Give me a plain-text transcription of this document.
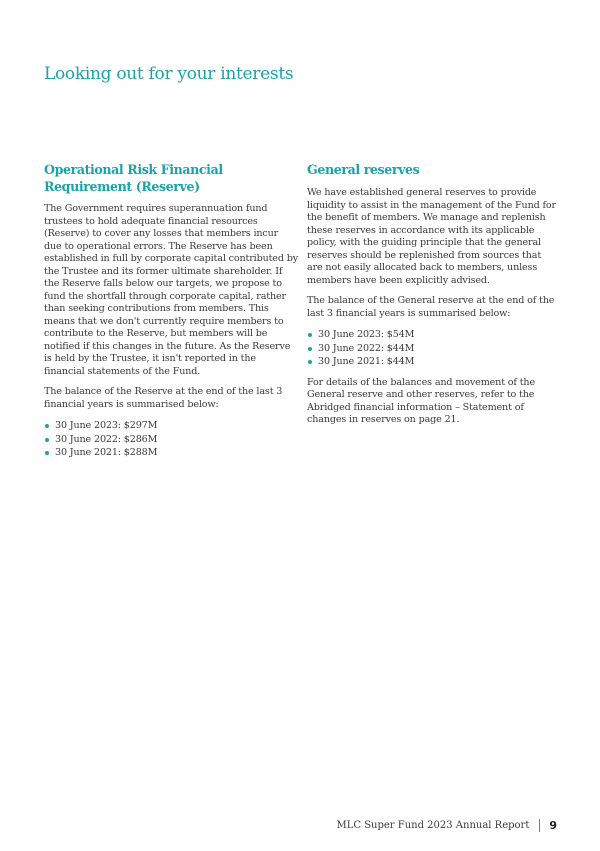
Looking out for your interests
Operational Risk Financial Requirement (Reserve)

The Government requires superannuation fund trustees to hold adequate financial resources (Reserve) to cover any losses that members incur due to operational errors. The Reserve has been established in full by corporate capital contributed by the Trustee and its former ultimate shareholder. If the Reserve falls below our targets, we propose to fund the shortfall through corporate capital, rather than seeking contributions from members. This means that we don't currently require members to contribute to the Reserve, but members will be notified if this changes in the future. As the Reserve is held by the Trustee, it isn't reported in the financial statements of the Fund.

The balance of the Reserve at the end of the last 3 financial years is summarised below:

30 June 2023: $297M
30 June 2022: $286M
30 June 2021: $288M
General reserves

We have established general reserves to provide liquidity to assist in the management of the Fund for the benefit of members. We manage and replenish these reserves in accordance with its applicable policy, with the guiding principle that the general reserves should be replenished from sources that are not easily allocated back to members, unless members have been explicitly advised.

The balance of the General reserve at the end of the last 3 financial years is summarised below:

30 June 2023: $54M
30 June 2022: $44M
30 June 2021: $44M

For details of the balances and movement of the General reserve and other reserves, refer to the Abridged financial information – Statement of changes in reserves on page 21.

MLC Super Fund 2023 Annual Report 9
